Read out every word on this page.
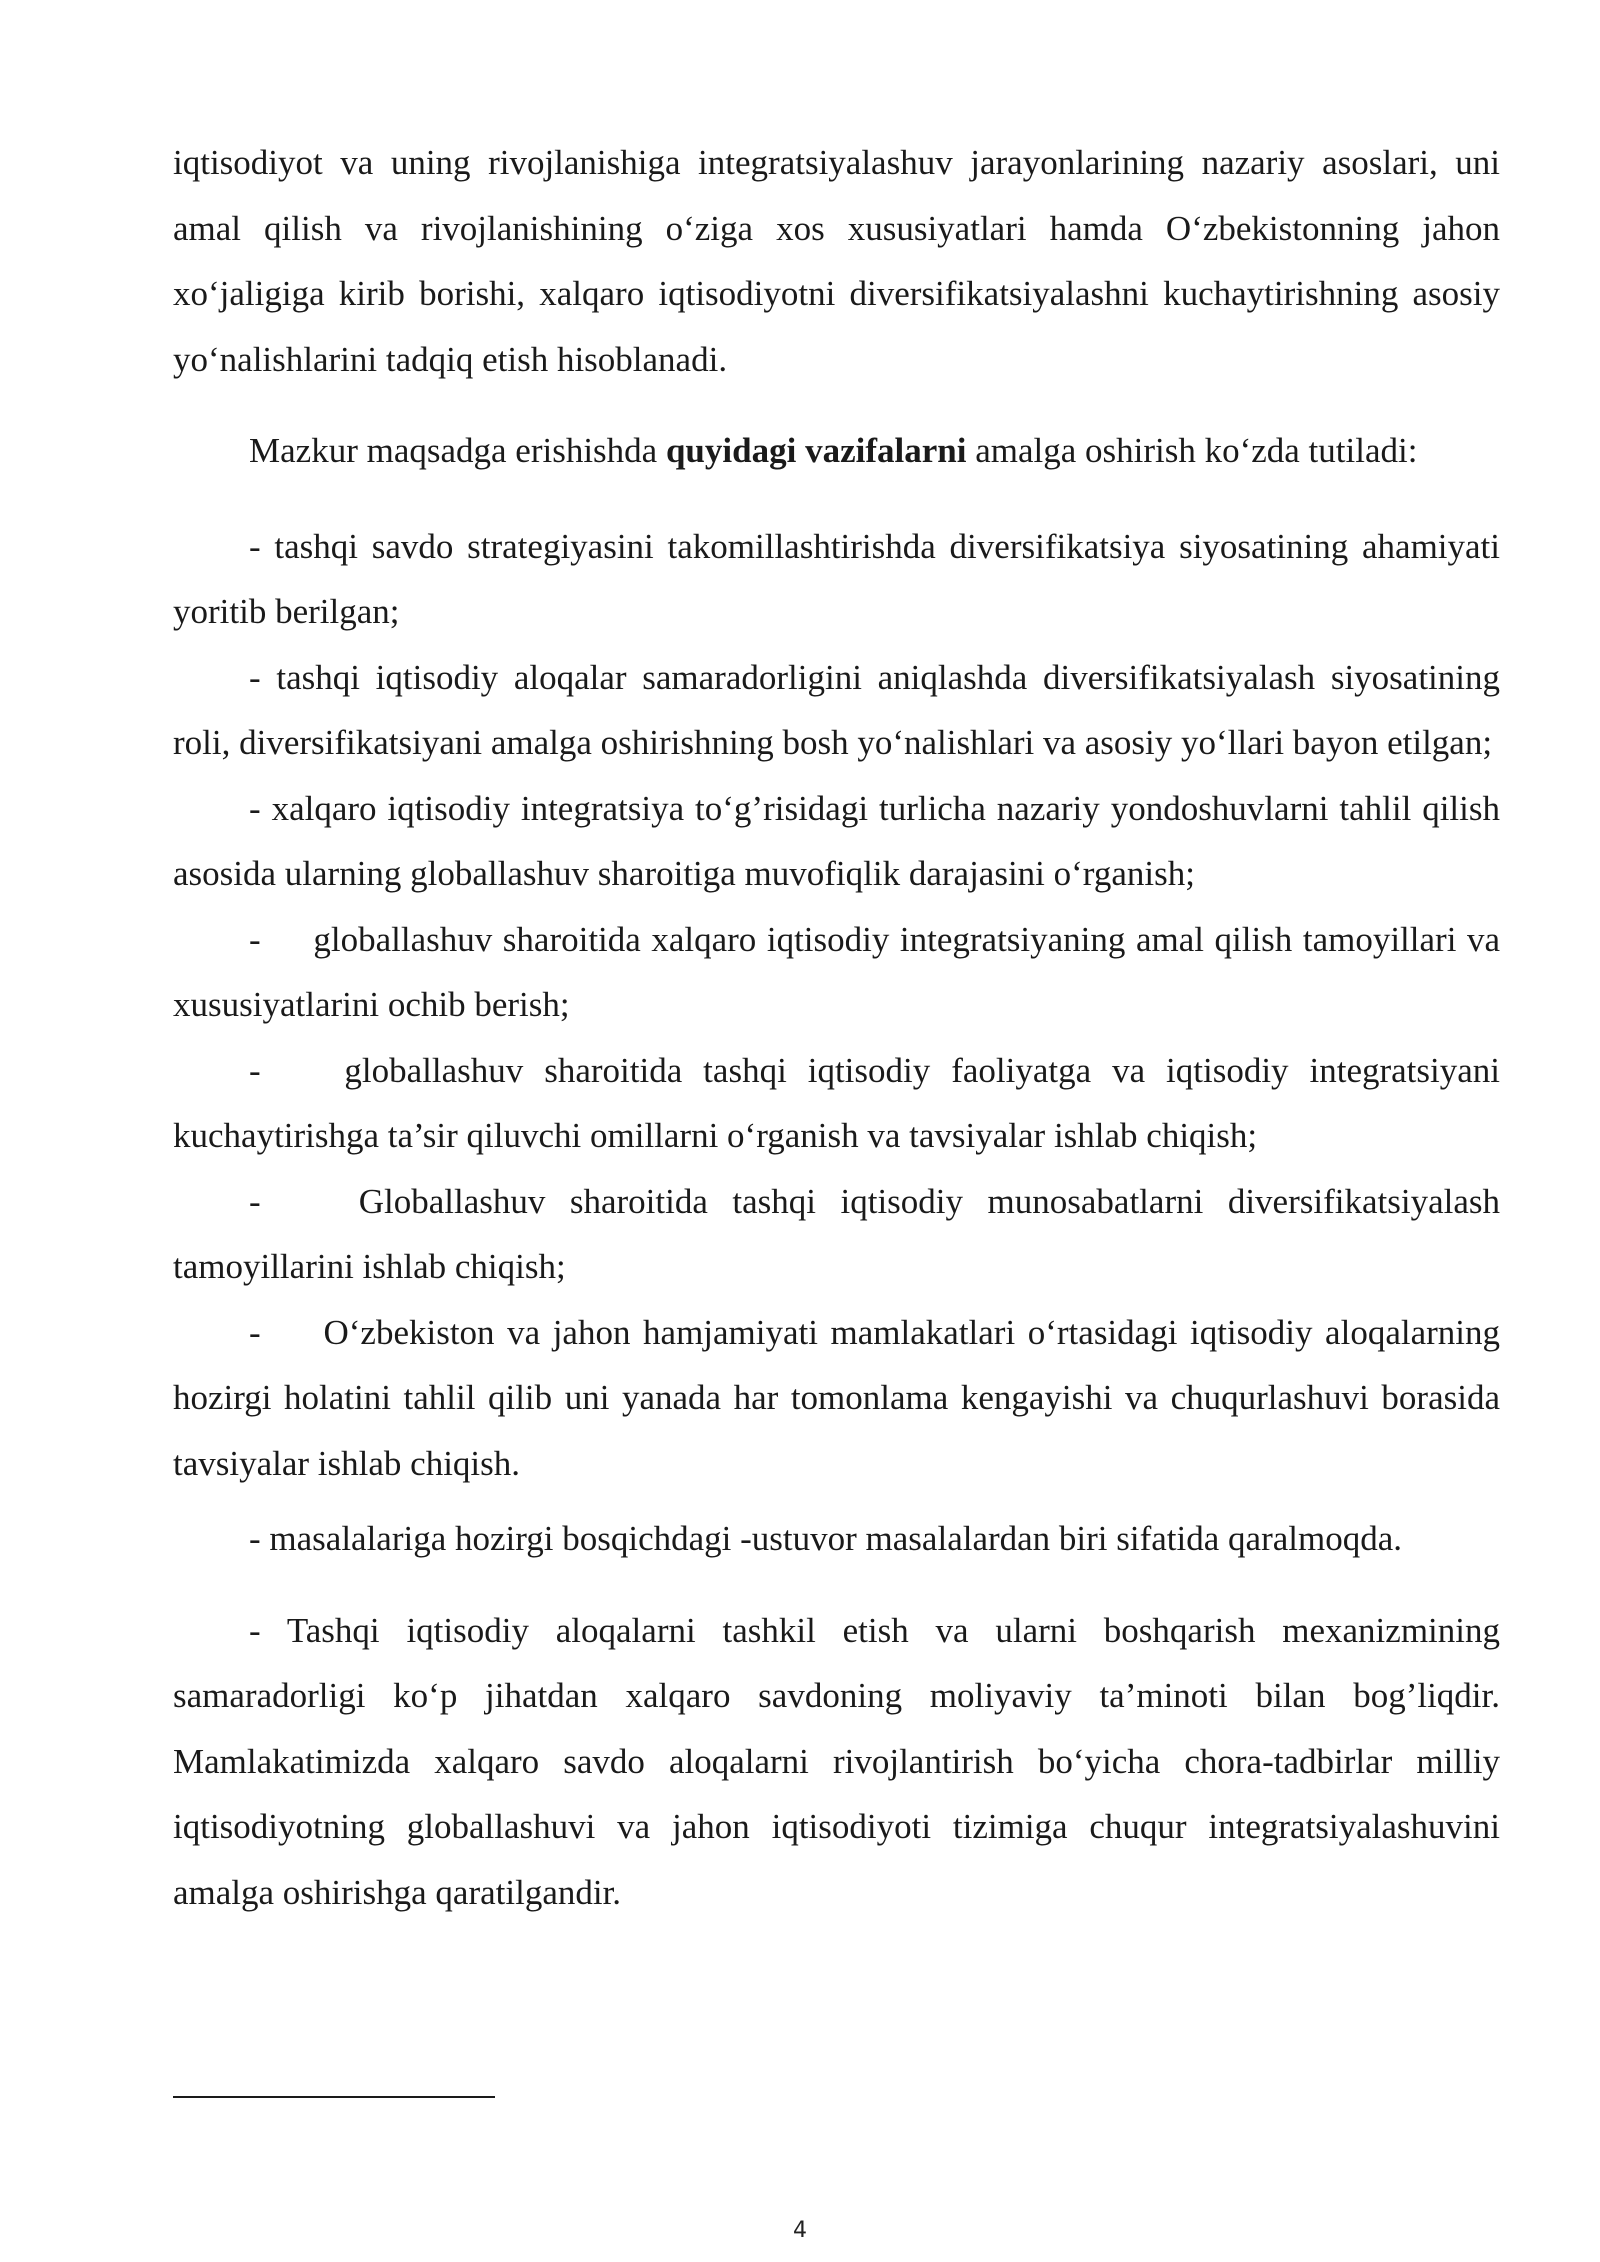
iqtisodiyot va uning rivojlanishiga integratsiyalashuv jarayonlarining nazariy asoslari, uni amal qilish va rivojlanishining o‘ziga xos xususiyatlari hamda O‘zbekistonning jahon xo‘jaligiga kirib borishi, xalqaro iqtisodiyotni diversifikatsiyalashni kuchaytirishning asosiy yo‘nalishlarini tadqiq etish hisoblanadi.

Mazkur maqsadga erishishda quyidagi vazifalarni amalga oshirish ko‘zda tutiladi:

- tashqi savdo strategiyasini takomillashtirishda diversifikatsiya siyosatining ahamiyati yoritib berilgan;

- tashqi iqtisodiy aloqalar samaradorligini aniqlashda diversifikatsiyalash siyosatining roli, diversifikatsiyani amalga oshirishning bosh yo‘nalishlari va asosiy yo‘llari bayon etilgan;

- xalqaro iqtisodiy integratsiya to‘g’risidagi turlicha nazariy yondoshuvlarni tahlil qilish asosida ularning globallashuv sharoitiga muvofiqlik darajasini o‘rganish;

-     globallashuv sharoitida xalqaro iqtisodiy integratsiyaning amal qilish tamoyillari va xususiyatlarini ochib berish;

-    globallashuv sharoitida tashqi iqtisodiy faoliyatga va iqtisodiy integratsiyani kuchaytirishga ta’sir qiluvchi omillarni o‘rganish va tavsiyalar ishlab chiqish;

-    Globallashuv sharoitida tashqi iqtisodiy munosabatlarni diversifikatsiyalash tamoyillarini ishlab chiqish;

-     O‘zbekiston va jahon hamjamiyati mamlakatlari o‘rtasidagi iqtisodiy aloqalarning hozirgi holatini tahlil qilib uni yanada har tomonlama kengayishi va chuqurlashuvi borasida tavsiyalar ishlab chiqish.

- masalalariga hozirgi bosqichdagi -ustuvor masalalardan biri sifatida qaralmoqda.

- Tashqi iqtisodiy aloqalarni tashkil etish va ularni boshqarish mexanizmining samaradorligi ko‘p jihatdan xalqaro savdoning moliyaviy ta’minoti bilan bog’liqdir. Mamlakatimizda xalqaro savdo aloqalarni rivojlantirish bo‘yicha chora-tadbirlar milliy iqtisodiyotning globallashuvi va jahon iqtisodiyoti tizimiga chuqur integratsiyalashuvini amalga oshirishga qaratilgandir.

4
